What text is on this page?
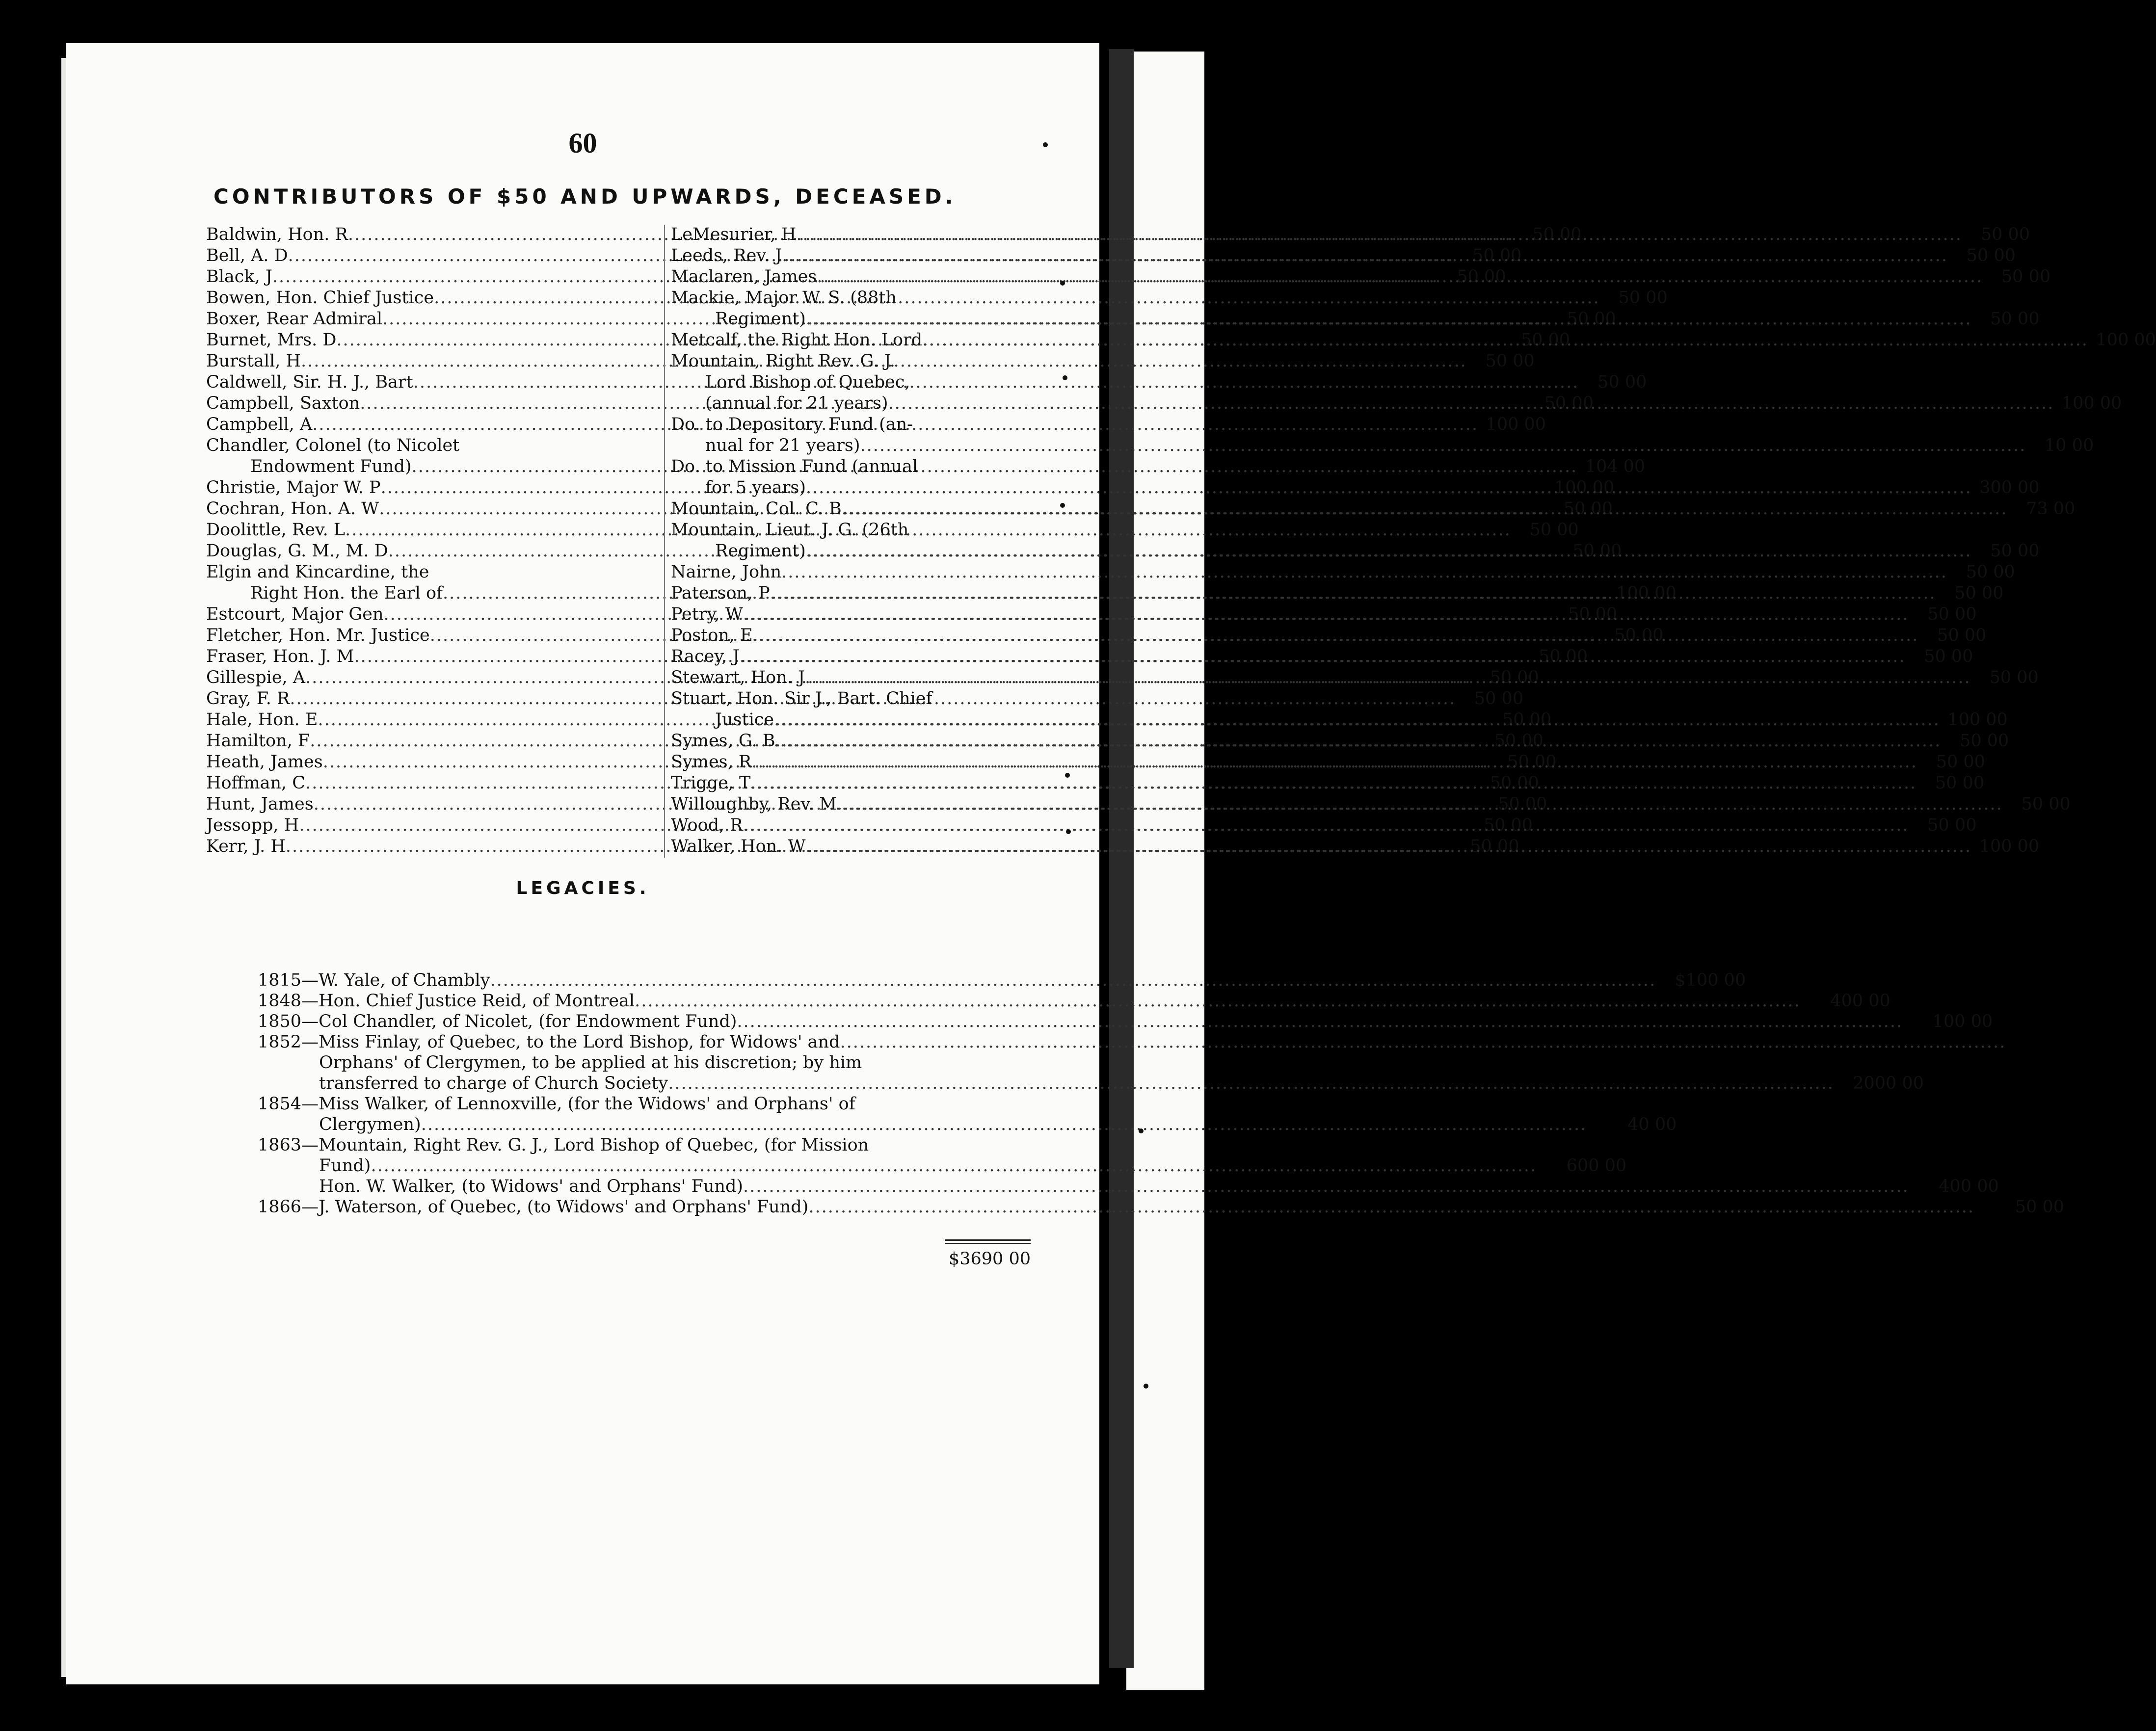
60
CONTRIBUTORS OF $50 AND UPWARDS, DECEASED.
Baldwin, Hon. R .....	50 00
Bell, A. D .....	50 00
Black, J .....	50 00
Bowen, Hon. Chief Justice .....	50 00
Boxer, Rear Admiral .....	50 00
Burnet, Mrs. D .....	50 00
Burstall, H .....	50 00
Caldwell, Sir. H. J., Bart .....	50 00
Campbell, Saxton .....	50 00
Campbell, A .....	100 00
Chandler, Colonel (to Nicolet
Endowment Fund) .....	104 00
Christie, Major W. P .....	100 00
Cochran, Hon. A. W .....	50 00
Doolittle, Rev. L .....	50 00
Douglas, G. M., M. D .....	50 00
Elgin and Kincardine, the
Right Hon. the Earl of .....	100 00
Estcourt, Major Gen .....	50 00
Fletcher, Hon. Mr. Justice .....	50 00
Fraser, Hon. J. M .....	50 00
Gillespie, A .....	50 00
Gray, F. R .....	50 00
Hale, Hon. E .....	50 00
Hamilton, F .....	50 00
Heath, James .....	50 00
Hoffman, C .....	50 00
Hunt, James .....	50 00
Jessopp, H .....	50 00
Kerr, J. H .....	50 00
LeMesurier, H .....	50 00
Leeds, Rev. J .....	50 00
Maclaren, James .....	50 00
Mackie, Major W. S. (88th
Regiment) .....	50 00
Metcalf, the Right Hon. Lord .....	100 00
Mountain, Right Rev. G. J.
Lord Bishop of Quebec,
(annual for 21 years) .....	100 00
Do. to Depository Fund (an-
nual for 21 years) .....	10 00
Do. to Mission Fund (annual
for 5 years) .....	300 00
Mountain, Col. C. B .....	73 00
Mountain, Lieut. J. G. (26th
Regiment) .....	50 00
Nairne, John .....	50 00
Paterson, P .....	50 00
Petry, W .....	50 00
Poston, E .....	50 00
Racey, J .....	50 00
Stewart, Hon. J .....	50 00
Stuart, Hon. Sir J., Bart. Chief
Justice .....	100 00
Symes, G. B .....	50 00
Symes, R .....	50 00
Trigge, T .....	50 00
Willoughby, Rev. M .....	50 00
Wood, R .....	50 00
Walker, Hon. W .....	100 00
LEGACIES.
1815—W. Yale, of Chambly .....	$100 00
1848—Hon. Chief Justice Reid, of Montreal .....	400 00
1850—Col Chandler, of Nicolet, (for Endowment Fund) .....	100 00
1852—Miss Finlay, of Quebec, to the Lord Bishop, for Widows' and
.....
Orphans' of Clergymen, to be applied at his discretion; by him
transferred to charge of Church Society .....	2000 00
1854—Miss Walker, of Lennoxville, (for the Widows' and Orphans' of
Clergymen) .....	40 00
1863—Mountain, Right Rev. G. J., Lord Bishop of Quebec, (for Mission
Fund) .....	600 00
Hon. W. Walker, (to Widows' and Orphans' Fund) .....	400 00
1866—J. Waterson, of Quebec, (to Widows' and Orphans' Fund) .....	50 00
$3690 00
